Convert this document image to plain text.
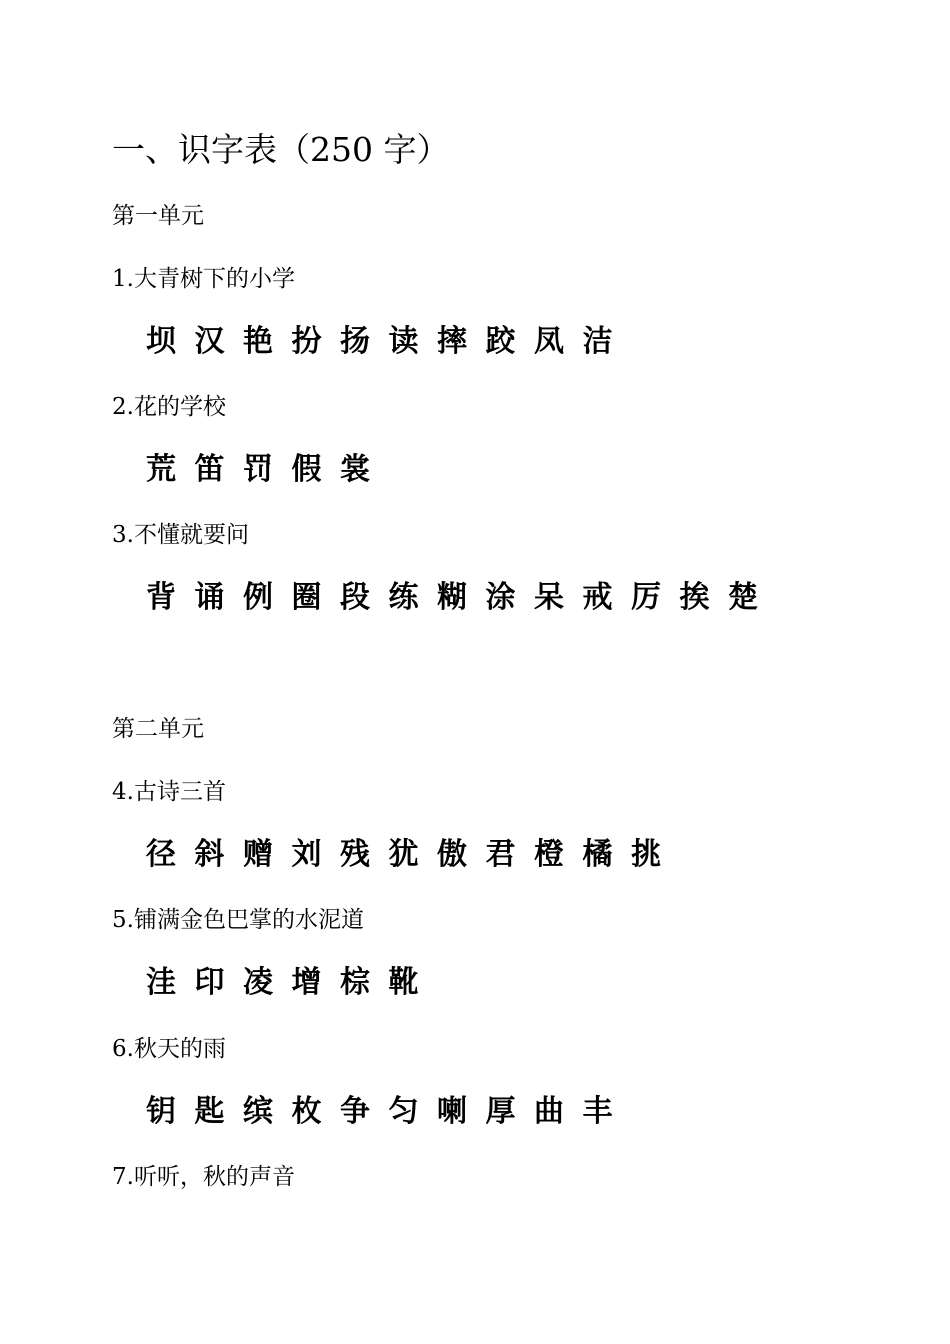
一、识字表（250 字）
第一单元
1.大青树下的小学
坝 汉 艳 扮 扬 读 摔 跤 凤 洁
2.花的学校
荒 笛 罚 假 裳
3.不懂就要问
背 诵 例 圈 段 练 糊 涂 呆 戒 厉 挨 楚
第二单元
4.古诗三首
径 斜 赠 刘 残 犹 傲 君 橙 橘 挑
5.铺满金色巴掌的水泥道
洼 印 凌 增 棕 靴
6.秋天的雨
钥 匙 缤 枚 争 匀 喇 厚 曲 丰
7.听听，秋的声音
